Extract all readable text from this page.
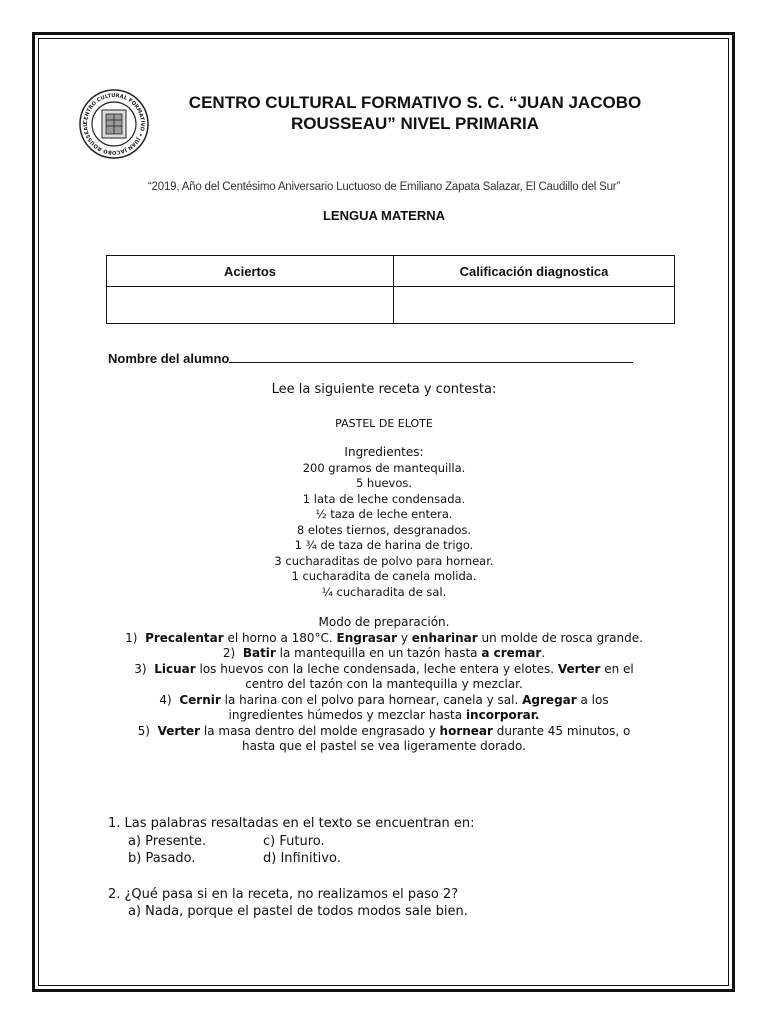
CENTRO CULTURAL FORMATIVO • JUAN JACOBO ROUSSEAU
CENTRO CULTURAL FORMATIVO S. C. “JUAN JACOBO
ROUSSEAU” NIVEL PRIMARIA
“2019, Año del Centésimo Aniversario Luctuoso de Emiliano Zapata Salazar, El Caudillo del Sur”
LENGUA MATERNA
Aciertos	Calificación diagnostica

Nombre del alumno
Lee la siguiente receta y contesta:
PASTEL DE ELOTE
Ingredientes:
200 gramos de mantequilla.
5 huevos.
1 lata de leche condensada.
½ taza de leche entera.
8 elotes tiernos, desgranados.
1 ¾ de taza de harina de trigo.
3 cucharaditas de polvo para hornear.
1 cucharadita de canela molida.
¼ cucharadita de sal.
Modo de preparación.
1) Precalentar el horno a 180°C. Engrasar y enharinar un molde de rosca grande.
2) Batir la mantequilla en un tazón hasta a cremar.
3) Licuar los huevos con la leche condensada, leche entera y elotes. Verter en el
centro del tazón con la mantequilla y mezclar.
4) Cernir la harina con el polvo para hornear, canela y sal. Agregar a los
ingredientes húmedos y mezclar hasta incorporar.
5) Verter la masa dentro del molde engrasado y hornear durante 45 minutos, o
hasta que el pastel se vea ligeramente dorado.
1. Las palabras resaltadas en el texto se encuentran en:
a) Presente.	c) Futuro.
b) Pasado.	d) Infinitivo.
2. ¿Qué pasa si en la receta, no realizamos el paso 2?
a) Nada, porque el pastel de todos modos sale bien.
